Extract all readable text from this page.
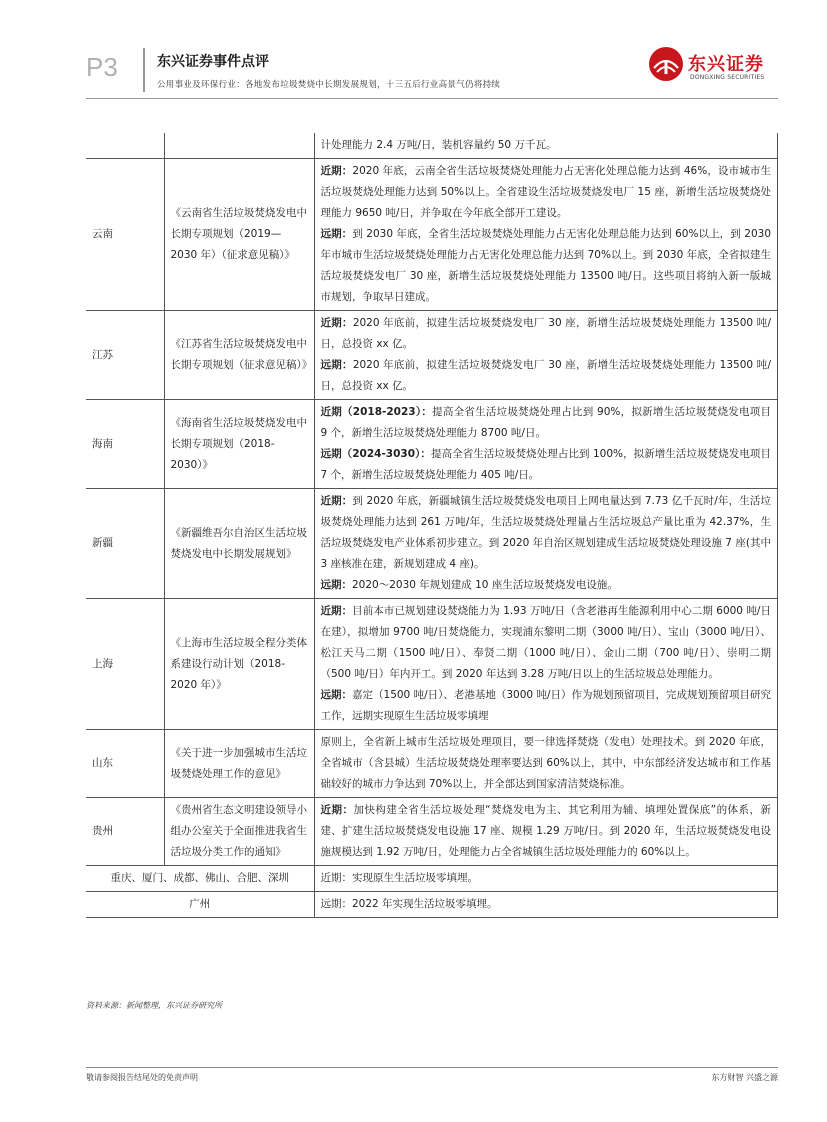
P3	东兴证券事件点评
公用事业及环保行业：各地发布垃圾焚烧中长期发展规划，十三五后行业高景气仍将持续
东兴证券
DONGXING SECURITIES
		计处理能力 2.4 万吨/日，装机容量约 50 万千瓦。
云南	《云南省生活垃圾焚烧发电中长期专项规划（2019—2030 年）（征求意见稿）》	近期：2020 年底，云南全省生活垃圾焚烧处理能力占无害化处理总能力达到 46%，设市城市生活垃圾焚烧处理能力达到 50%以上。全省建设生活垃圾焚烧发电厂 15 座，新增生活垃圾焚烧处理能力 9650 吨/日，并争取在今年底全部开工建设。
远期：到 2030 年底，全省生活垃圾焚烧处理能力占无害化处理总能力达到 60%以上，到 2030 年市城市生活垃圾焚烧处理能力占无害化处理总能力达到 70%以上。到 2030 年底，全省拟建生活垃圾焚烧发电厂 30 座，新增生活垃圾焚烧处理能力 13500 吨/日。这些项目将纳入新一版城市规划，争取早日建成。
江苏	《江苏省生活垃圾焚烧发电中长期专项规划（征求意见稿）》	近期：2020 年底前，拟建生活垃圾焚烧发电厂 30 座，新增生活垃圾焚烧处理能力 13500 吨/日，总投资 xx 亿。
远期：2020 年底前，拟建生活垃圾焚烧发电厂 30 座，新增生活垃圾焚烧处理能力 13500 吨/日，总投资 xx 亿。
海南	《海南省生活垃圾焚烧发电中长期专项规划（2018-2030）》	近期（2018-2023）：提高全省生活垃圾焚烧处理占比到 90%，拟新增生活垃圾焚烧发电项目 9 个，新增生活垃圾焚烧处理能力 8700 吨/日。
远期（2024-3030）：提高全省生活垃圾焚烧处理占比到 100%，拟新增生活垃圾焚烧发电项目 7 个，新增生活垃圾焚烧处理能力 405 吨/日。
新疆	《新疆维吾尔自治区生活垃圾焚烧发电中长期发展规划》	近期：到 2020 年底，新疆城镇生活垃圾焚烧发电项目上网电量达到 7.73 亿千瓦时/年，生活垃圾焚烧处理能力达到 261 万吨/年，生活垃圾焚烧处理量占生活垃圾总产量比重为 42.37%，生活垃圾焚烧发电产业体系初步建立。到 2020 年自治区规划建成生活垃圾焚烧处理设施 7 座(其中 3 座核准在建，新规划建成 4 座)。
远期：2020～2030 年规划建成 10 座生活垃圾焚烧发电设施。
上海	《上海市生活垃圾全程分类体系建设行动计划（2018-2020 年）》	近期：目前本市已规划建设焚烧能力为 1.93 万吨/日（含老港再生能源利用中心二期 6000 吨/日在建），拟增加 9700 吨/日焚烧能力，实现浦东黎明二期（3000 吨/日）、宝山（3000 吨/日）、松江天马二期（1500 吨/日）、奉贤二期（1000 吨/日）、金山二期（700 吨/日）、崇明二期（500 吨/日）年内开工。到 2020 年达到 3.28 万吨/日以上的生活垃圾总处理能力。
远期：嘉定（1500 吨/日）、老港基地（3000 吨/日）作为规划预留项目，完成规划预留项目研究工作，远期实现原生生活垃圾零填埋
山东	《关于进一步加强城市生活垃圾焚烧处理工作的意见》	原则上，全省新上城市生活垃圾处理项目，要一律选择焚烧（发电）处理技术。到 2020 年底，全省城市（含县城）生活垃圾焚烧处理率要达到 60%以上，其中，中东部经济发达城市和工作基础较好的城市力争达到 70%以上，并全部达到国家清洁焚烧标准。
贵州	《贵州省生态文明建设领导小组办公室关于全面推进我省生活垃圾分类工作的通知》	近期：加快构建全省生活垃圾处理“焚烧发电为主、其它利用为辅、填埋处置保底”的体系，新建、扩建生活垃圾焚烧发电设施 17 座、规模 1.29 万吨/日。到 2020 年，生活垃圾焚烧发电设施规模达到 1.92 万吨/日，处理能力占全省城镇生活垃圾处理能力的 60%以上。
重庆、厦门、成都、佛山、合肥、深圳		近期：实现原生生活垃圾零填埋。
广州		远期：2022 年实现生活垃圾零填埋。
资料来源：新闻整理，东兴证券研究所
敬请参阅报告结尾处的免责声明	东方财智 兴盛之源
